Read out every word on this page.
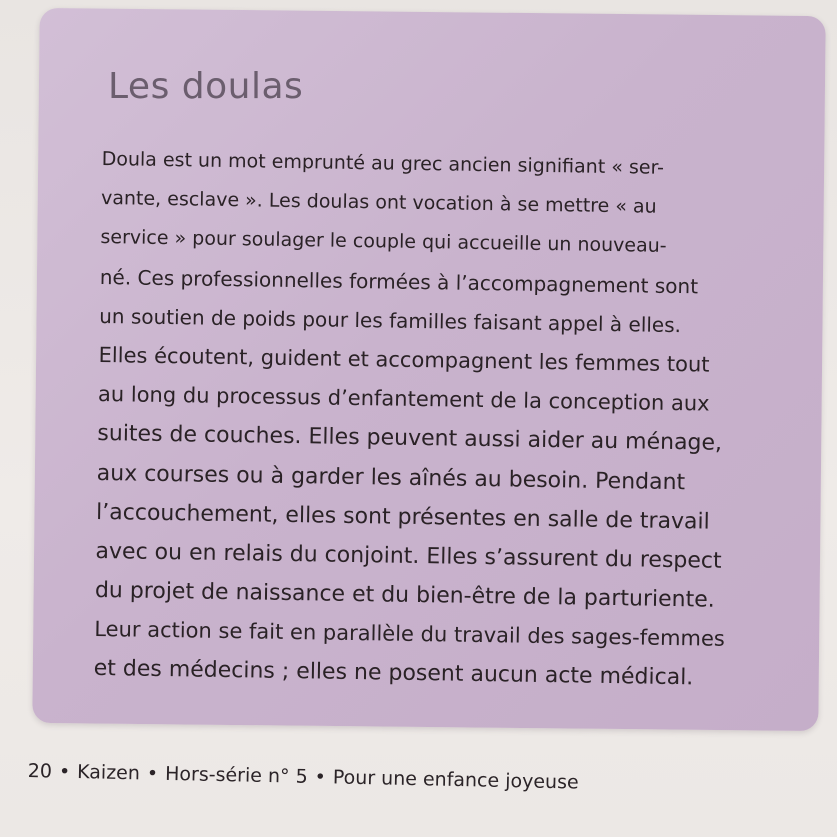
Les doulas
Doula est un mot emprunté au grec ancien signifiant « ser-
vante, esclave ». Les doulas ont vocation à se mettre « au
service » pour soulager le couple qui accueille un nouveau-
né. Ces professionnelles formées à l’accompagnement sont
un soutien de poids pour les familles faisant appel à elles.
Elles écoutent, guident et accompagnent les femmes tout
au long du processus d’enfantement de la conception aux
suites de couches. Elles peuvent aussi aider au ménage,
aux courses ou à garder les aînés au besoin. Pendant
l’accouchement, elles sont présentes en salle de travail
avec ou en relais du conjoint. Elles s’assurent du respect
du projet de naissance et du bien-être de la parturiente.
Leur action se fait en parallèle du travail des sages-femmes
et des médecins ; elles ne posent aucun acte médical.
20 • Kaizen • Hors-série n° 5 • Pour une enfance joyeuse
